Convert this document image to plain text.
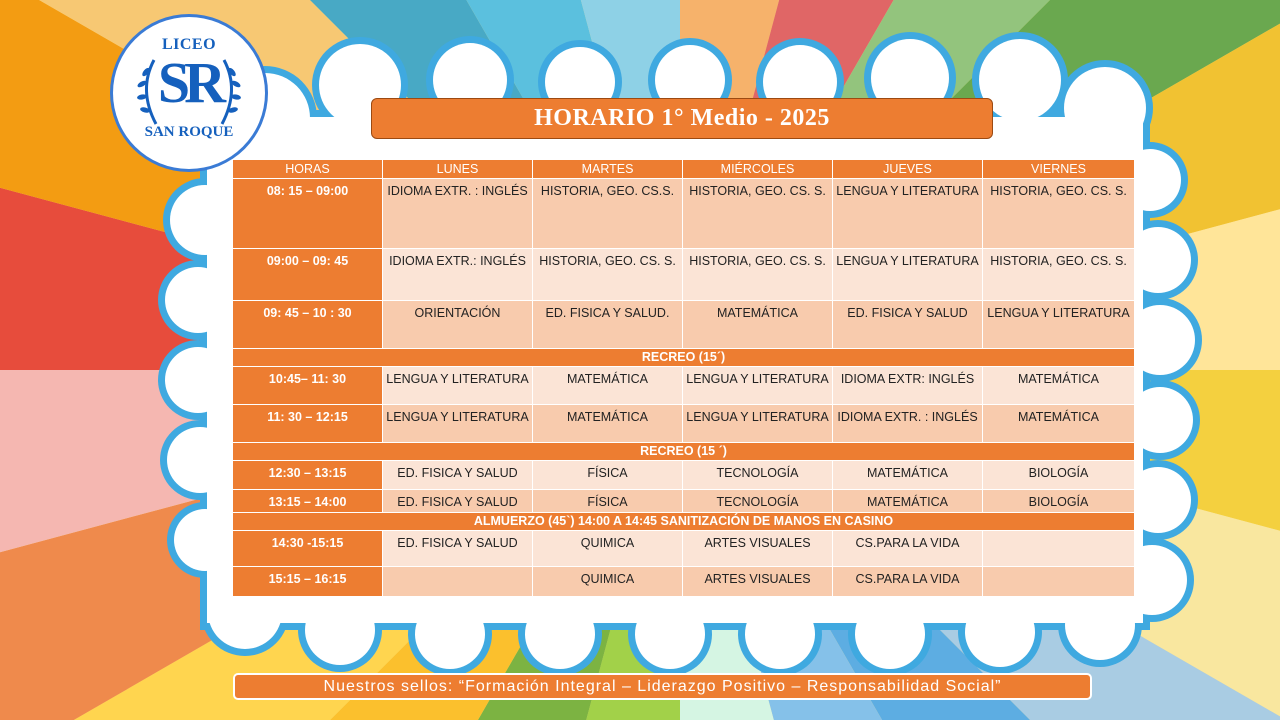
LICEO
SR
SAN ROQUE
HORARIO 1° Medio - 2025
HORAS	LUNES	MARTES	MIÉRCOLES	JUEVES	VIERNES
08: 15 – 09:00	IDIOMA EXTR. : INGLÉS	HISTORIA, GEO. CS.S.	HISTORIA, GEO. CS. S.	LENGUA Y LITERATURA	HISTORIA, GEO. CS. S.
09:00 – 09: 45	IDIOMA EXTR.: INGLÉS	HISTORIA, GEO. CS. S.	HISTORIA, GEO. CS. S.	LENGUA Y LITERATURA	HISTORIA, GEO. CS. S.
09: 45 – 10 : 30	ORIENTACIÓN	ED. FISICA Y SALUD.	MATEMÁTICA	ED. FISICA Y SALUD	LENGUA Y LITERATURA
RECREO (15´)					
10:45– 11: 30	LENGUA Y LITERATURA	MATEMÁTICA	LENGUA Y LITERATURA	IDIOMA EXTR: INGLÉS	MATEMÁTICA
11: 30 – 12:15	LENGUA Y LITERATURA	MATEMÁTICA	LENGUA Y LITERATURA	IDIOMA EXTR. : INGLÉS	MATEMÁTICA
RECREO (15 ´)					
12:30 – 13:15	ED. FISICA Y SALUD	FÍSICA	TECNOLOGÍA	MATEMÁTICA	BIOLOGÍA
13:15 – 14:00	ED. FISICA Y SALUD	FÍSICA	TECNOLOGÍA	MATEMÁTICA	BIOLOGÍA
ALMUERZO (45`) 14:00 A 14:45 SANITIZACIÓN DE MANOS EN CASINO					
14:30 -15:15	ED. FISICA Y SALUD	QUIMICA	ARTES VISUALES	CS.PARA LA VIDA	
15:15 – 16:15		QUIMICA	ARTES VISUALES	CS.PARA LA VIDA	
Nuestros sellos: “Formación Integral – Liderazgo Positivo – Responsabilidad Social”
